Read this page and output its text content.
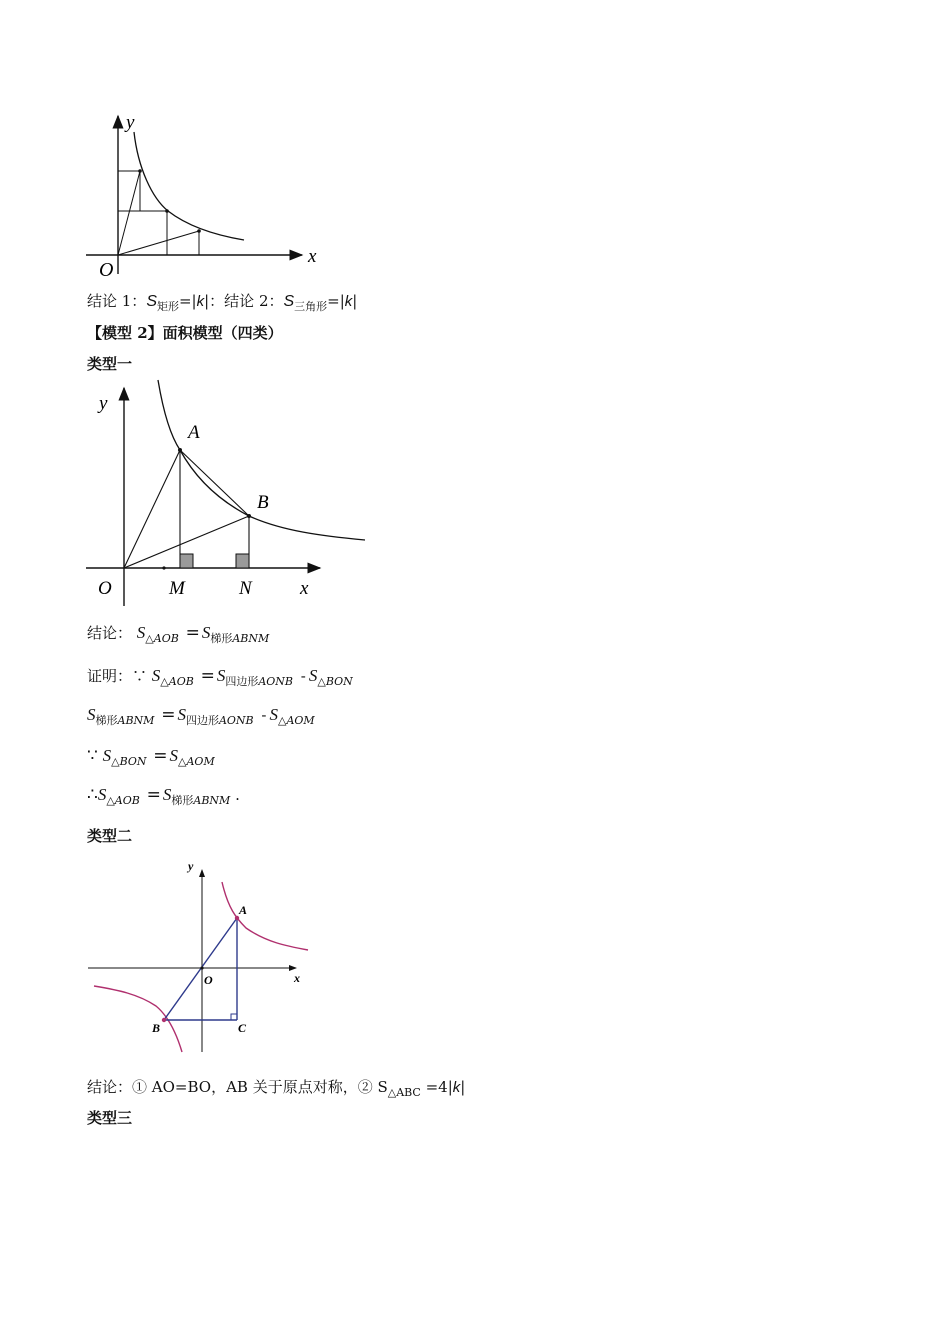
y
x
O
结论 1：$S_{矩形}=|k|$：结论 2：$S_{三角形}=|k|$
【模型 2】面积模型（四类）
类型一
y
x
O
A
B
M	N
结论： $S_{\triangle AOB} = S_{梯形ABNM}$
证明：∵ $S_{\triangle AOB} = S_{四边形AONB} - S_{\triangle BON}$
$S_{梯形ABNM} = S_{四边形AONB} - S_{\triangle AOM}$
∵ $S_{\triangle BON} = S_{\triangle AOM}$
$\therefore S_{\triangle AOB} = S_{梯形ABNM}$ .
类型二
y
x
O
A
B	C
结论：① AO=BO，AB 关于原点对称，② $S_{\triangle ABC} =4|k|$
类型三
